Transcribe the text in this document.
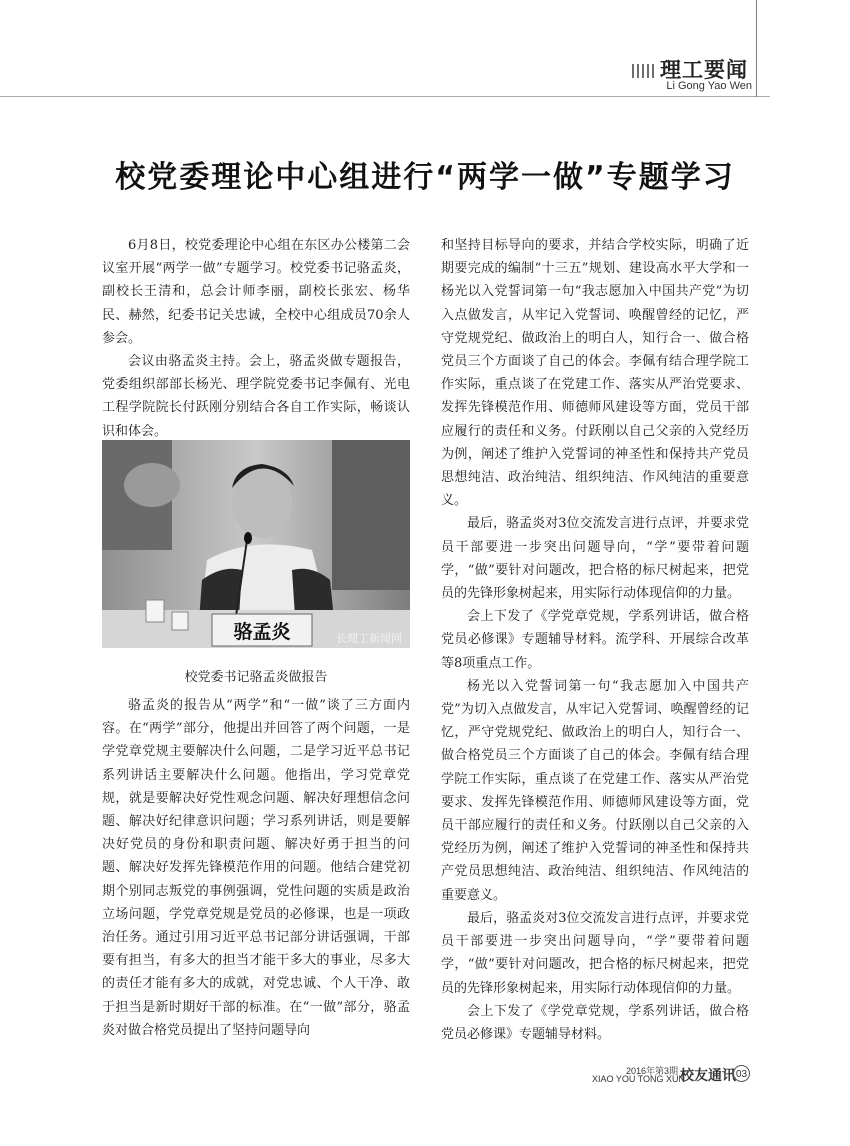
理工要闻
Li Gong Yao Wen
校党委理论中心组进行“两学一做”专题学习

6月8日，校党委理论中心组在东区办公楼第二会议室开展“两学一做”专题学习。校党委书记骆孟炎，副校长王清和，总会计师李丽，副校长张宏、杨华民、赫然，纪委书记关忠诚，全校中心组成员70余人参会。

会议由骆孟炎主持。会上，骆孟炎做专题报告，党委组织部部长杨光、理学院党委书记李佩有、光电工程学院院长付跃刚分别结合各自工作实际，畅谈认识和体会。

骆孟炎	长理工新闻网
校党委书记骆孟炎做报告

骆孟炎的报告从“两学”和“一做”谈了三方面内容。在“两学”部分，他提出并回答了两个问题，一是学党章党规主要解决什么问题，二是学习近平总书记系列讲话主要解决什么问题。他指出，学习党章党规，就是要解决好党性观念问题、解决好理想信念问题、解决好纪律意识问题；学习系列讲话，则是要解决好党员的身份和职责问题、解决好勇于担当的问题、解决好发挥先锋模范作用的问题。他结合建党初期个别同志叛党的事例强调，党性问题的实质是政治立场问题，学党章党规是党员的必修课，也是一项政治任务。通过引用习近平总书记部分讲话强调，干部要有担当，有多大的担当才能干多大的事业，尽多大的责任才能有多大的成就，对党忠诚、个人干净、敢于担当是新时期好干部的标准。在“一做”部分，骆孟炎对做合格党员提出了坚持问题导向

和坚持目标导向的要求，并结合学校实际，明确了近期要完成的编制“十三五”规划、建设高水平大学和一杨光以入党誓词第一句“我志愿加入中国共产党”为切入点做发言，从牢记入党誓词、唤醒曾经的记忆，严守党规党纪、做政治上的明白人，知行合一、做合格党员三个方面谈了自己的体会。李佩有结合理学院工作实际，重点谈了在党建工作、落实从严治党要求、发挥先锋模范作用、师德师风建设等方面，党员干部应履行的责任和义务。付跃刚以自己父亲的入党经历为例，阐述了维护入党誓词的神圣性和保持共产党员思想纯洁、政治纯洁、组织纯洁、作风纯洁的重要意义。

最后，骆孟炎对3位交流发言进行点评，并要求党员干部要进一步突出问题导向，“学”要带着问题学，“做”要针对问题改，把合格的标尺树起来，把党员的先锋形象树起来，用实际行动体现信仰的力量。

会上下发了《学党章党规，学系列讲话，做合格党员必修课》专题辅导材料。流学科、开展综合改革等8项重点工作。

杨光以入党誓词第一句“我志愿加入中国共产党”为切入点做发言，从牢记入党誓词、唤醒曾经的记忆，严守党规党纪、做政治上的明白人，知行合一、做合格党员三个方面谈了自己的体会。李佩有结合理学院工作实际，重点谈了在党建工作、落实从严治党要求、发挥先锋模范作用、师德师风建设等方面，党员干部应履行的责任和义务。付跃刚以自己父亲的入党经历为例，阐述了维护入党誓词的神圣性和保持共产党员思想纯洁、政治纯洁、组织纯洁、作风纯洁的重要意义。

最后，骆孟炎对3位交流发言进行点评，并要求党员干部要进一步突出问题导向，“学”要带着问题学，“做”要针对问题改，把合格的标尺树起来，把党员的先锋形象树起来，用实际行动体现信仰的力量。

会上下发了《学党章党规，学系列讲话，做合格党员必修课》专题辅导材料。

2016年第3期
XIAO YOU TONG XUN
校友通讯 03
